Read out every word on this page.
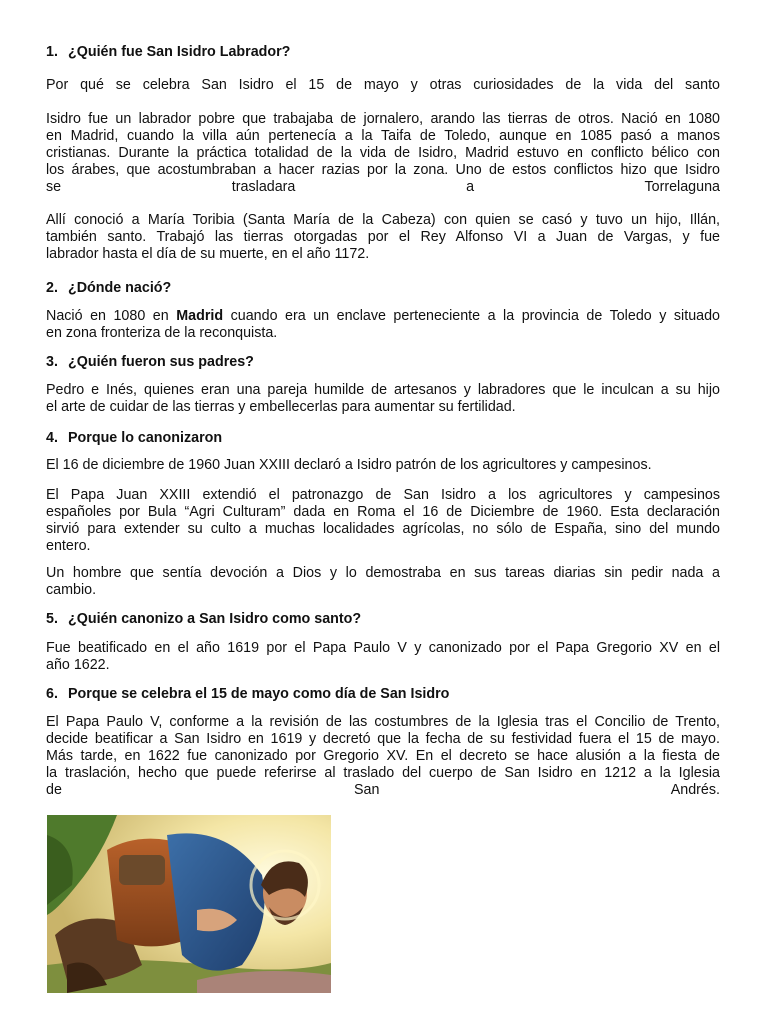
1. ¿Quién fue San Isidro Labrador?

Por qué se celebra San Isidro el 15 de mayo y otras curiosidades de la vida del santo

Isidro fue un labrador pobre que trabajaba de jornalero, arando las tierras de otros. Nació en 1080

en Madrid, cuando la villa aún pertenecía a la Taifa de Toledo, aunque en 1085 pasó a manos

cristianas. Durante la práctica totalidad de la vida de Isidro, Madrid estuvo en conflicto bélico con

los árabes, que acostumbraban a hacer razias por la zona. Uno de estos conflictos hizo que Isidro

se trasladara a Torrelaguna

Allí conoció a María Toribia (Santa María de la Cabeza) con quien se casó y tuvo un hijo, Illán,

también santo. Trabajó las tierras otorgadas por el Rey Alfonso VI a Juan de Vargas, y fue

labrador hasta el día de su muerte, en el año 1172.

2. ¿Dónde nació?

Nació en 1080 en Madrid cuando era un enclave perteneciente a la provincia de Toledo y situado

en zona fronteriza de la reconquista.

3. ¿Quién fueron sus padres?

Pedro e Inés, quienes eran una pareja humilde de artesanos y labradores que le inculcan a su hijo

el arte de cuidar de las tierras y embellecerlas para aumentar su fertilidad.

4. Porque lo canonizaron

El 16 de diciembre de 1960 Juan XXIII declaró a Isidro patrón de los agricultores y campesinos.

El Papa Juan XXIII extendió el patronazgo de San Isidro a los agricultores y campesinos

españoles por Bula “Agri Culturam” dada en Roma el 16 de Diciembre de 1960. Esta declaración

sirvió para extender su culto a muchas localidades agrícolas, no sólo de España, sino del mundo

entero.

Un hombre que sentía devoción a Dios y lo demostraba en sus tareas diarias sin pedir nada a

cambio.

5. ¿Quién canonizo a San Isidro como santo?

Fue beatificado en el año 1619 por el Papa Paulo V y canonizado por el Papa Gregorio XV en el

año 1622.

6. Porque se celebra el 15 de mayo como día de San Isidro

El Papa Paulo V, conforme a la revisión de las costumbres de la Iglesia tras el Concilio de Trento,

decide beatificar a San Isidro en 1619 y decretó que la fecha de su festividad fuera el 15 de mayo.

Más tarde, en 1622 fue canonizado por Gregorio XV. En el decreto se hace alusión a la fiesta de

la traslación, hecho que puede referirse al traslado del cuerpo de San Isidro en 1212 a la Iglesia

de San Andrés.
